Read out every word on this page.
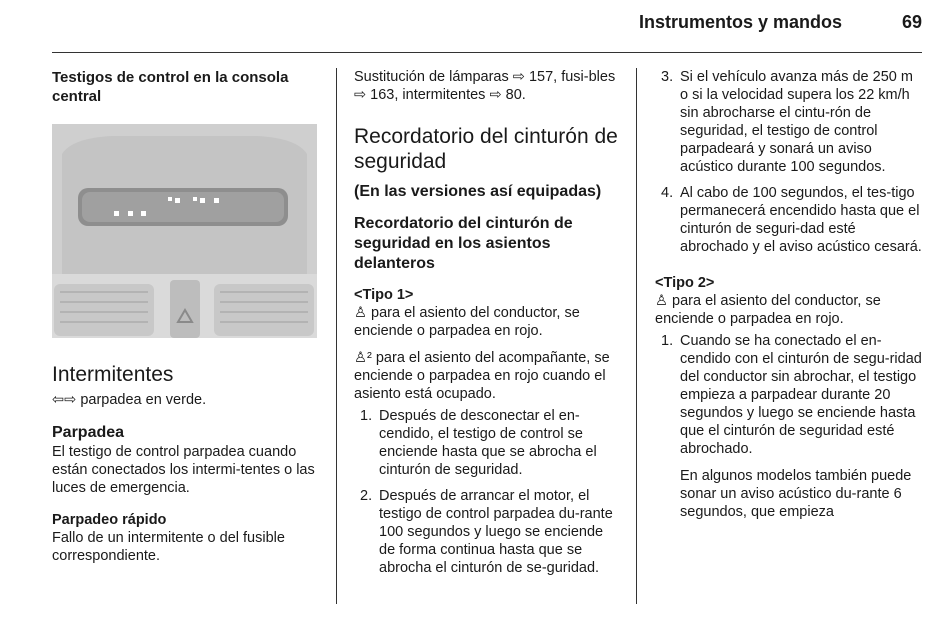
Instrumentos y mandos	69
Testigos de control en la consola central
Intermitentes

⇦⇨ parpadea en verde.

Parpadea

El testigo de control parpadea cuando están conectados los intermi-tentes o las luces de emergencia.

Parpadeo rápido

Fallo de un intermitente o del fusible correspondiente.

Sustitución de lámparas ⇨ 157, fusi-bles ⇨ 163, intermitentes ⇨ 80.

Recordatorio del cinturón de seguridad
(En las versiones así equipadas)
Recordatorio del cinturón de seguridad en los asientos delanteros
<Tipo 1>

♙ para el asiento del conductor, se enciende o parpadea en rojo.

♙² para el asiento del acompañante, se enciende o parpadea en rojo cuando el asiento está ocupado.

1. Después de desconectar el en-cendido, el testigo de control se enciende hasta que se abrocha el cinturón de seguridad.
2. Después de arrancar el motor, el testigo de control parpadea du-rante 100 segundos y luego se enciende de forma continua hasta que se abrocha el cinturón de se-guridad.
3. Si el vehículo avanza más de 250 m o si la velocidad supera los 22 km/h sin abrocharse el cintu-rón de seguridad, el testigo de control parpadeará y sonará un aviso acústico durante 100 segundos.
4. Al cabo de 100 segundos, el tes-tigo permanecerá encendido hasta que el cinturón de seguri-dad esté abrochado y el aviso acústico cesará.
<Tipo 2>

♙ para el asiento del conductor, se enciende o parpadea en rojo.

1. Cuando se ha conectado el en-cendido con el cinturón de segu-ridad del conductor sin abrochar, el testigo empieza a parpadear durante 20 segundos y luego se enciende hasta que el cinturón de seguridad esté abrochado.
En algunos modelos también puede sonar un aviso acústico du-rante 6 segundos, que empieza
